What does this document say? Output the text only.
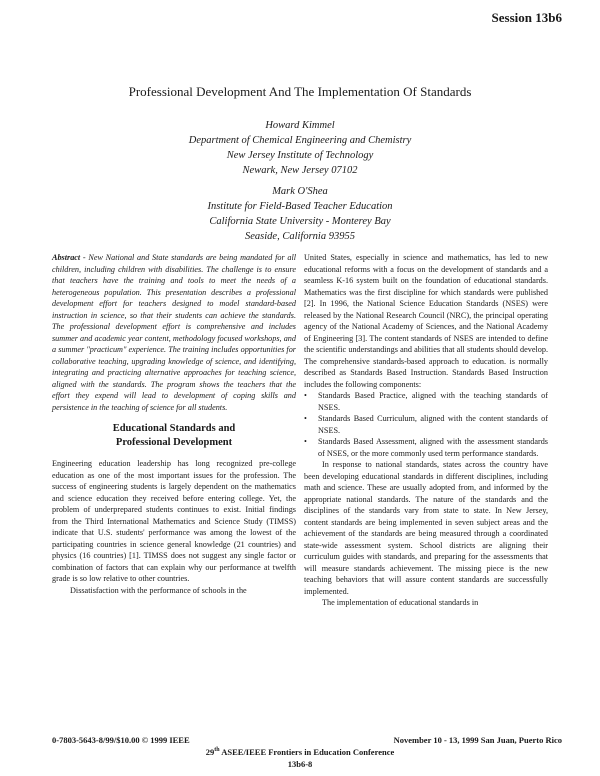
Session 13b6
Professional Development And The Implementation Of Standards
Howard Kimmel
Department of Chemical Engineering and Chemistry
New Jersey Institute of Technology
Newark, New Jersey 07102
Mark O'Shea
Institute for Field-Based Teacher Education
California State University - Monterey Bay
Seaside, California 93955

Abstract - New National and State standards are being mandated for all children, including children with disabilities. The challenge is to ensure that teachers have the training and tools to meet the needs of a heterogeneous population. This presentation describes a professional development effort for teachers designed to model standard-based instruction in science, so that their students can achieve the standards. The professional development effort is comprehensive and includes summer and academic year content, methodology focused workshops, and a summer "practicum" experience. The training includes opportunities for collaborative teaching, upgrading knowledge of science, and identifying, integrating and practicing alternative approaches for teaching science, aligned with the standards. The program shows the teachers that the effort they expend will lead to development of coping skills and persistence in the teaching of science for all students.

Educational Standards and
Professional Development

Engineering education leadership has long recognized pre-college education as one of the most important issues for the profession. The success of engineering students is largely dependent on the mathematics and science education they received before entering college. Yet, the problem of underprepared students continues to exist. Initial findings from the Third International Mathematics and Science Study (TIMSS) indicate that U.S. students' performance was among the lowest of the participating countries in science general knowledge (21 countries) and physics (16 countries) [1]. TIMSS does not suggest any single factor or combination of factors that can explain why our performance at twelfth grade is so low relative to other countries.

Dissatisfaction with the performance of schools in the

United States, especially in science and mathematics, has led to new educational reforms with a focus on the development of standards and a seamless K-16 system built on the foundation of educational standards. Mathematics was the first discipline for which standards were published [2]. In 1996, the National Science Education Standards (NSES) were released by the National Research Council (NRC), the principal operating agency of the National Academy of Sciences, and the National Academy of Engineering [3]. The content standards of NSES are intended to define the scientific understandings and abilities that all students should develop. The comprehensive standards-based approach to education. is normally described as Standards Based Instruction. Standards Based Instruction includes the following components:

•	Standards Based Practice, aligned with the teaching standards of NSES.
•	Standards Based Curriculum, aligned with the content standards of NSES.
•	Standards Based Assessment, aligned with the assessment standards of NSES, or the more commonly used term performance standards.

In response to national standards, states across the country have been developing educational standards in different disciplines, including math and science. These are usually adopted from, and informed by the appropriate national standards. The nature of the standards and the disciplines of the standards vary from state to state. In New Jersey, content standards are being implemented in seven subject areas and the achievement of the standards are being measured through a coordinated state-wide assessment system. School districts are aligning their curriculum guides with standards, and preparing for the assessments that will measure standards achievement. The missing piece is the new teaching behaviors that will assure content standards are successfully implemented.

The implementation of educational standards in

0-7803-5643-8/99/$10.00 © 1999 IEEE	November 10 - 13, 1999 San Juan, Puerto Rico
29th ASEE/IEEE Frontiers in Education Conference
13b6-8
